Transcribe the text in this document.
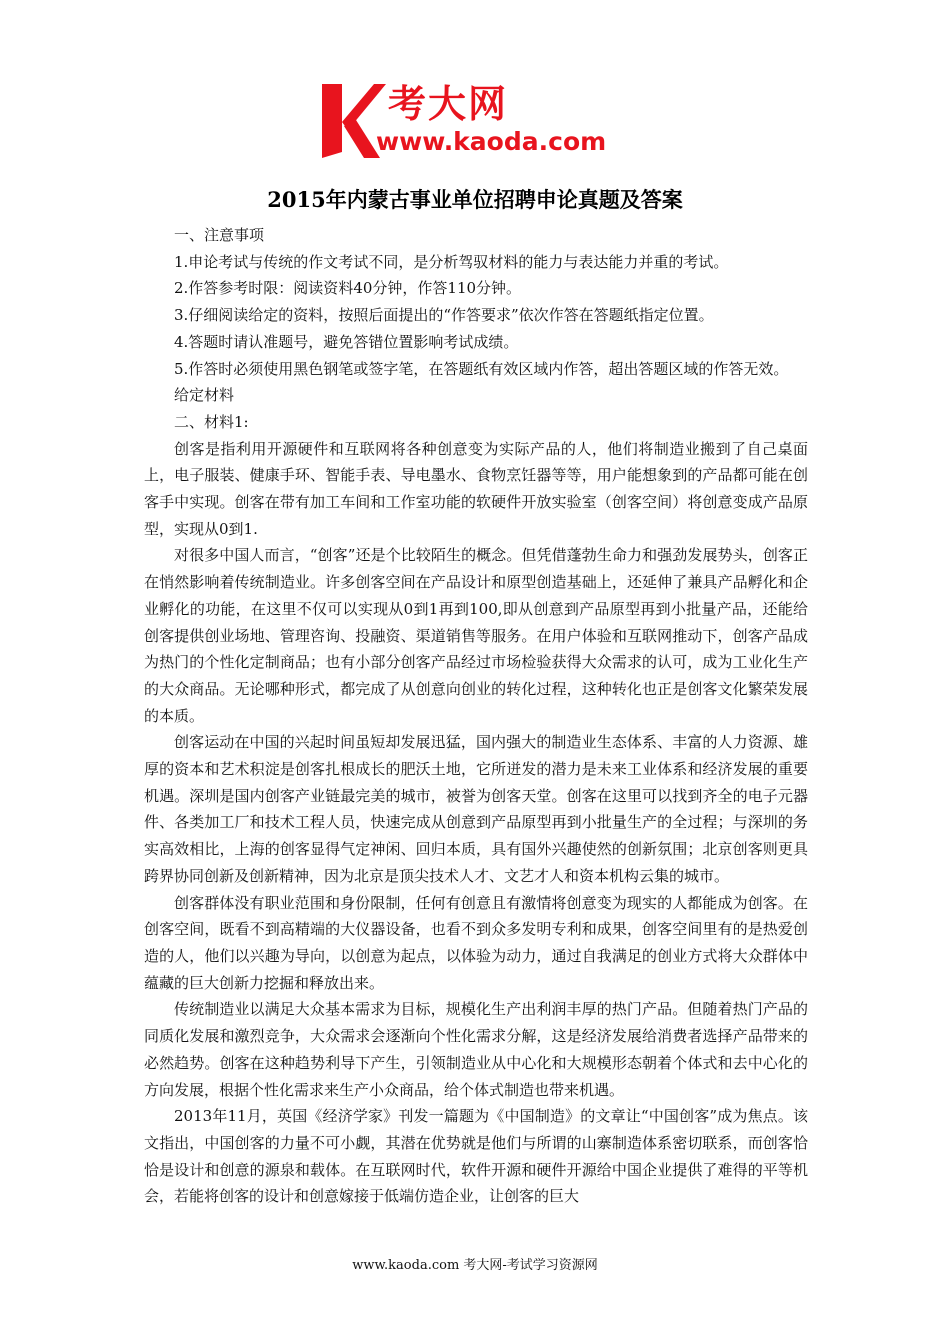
考大网
www.kaoda.com
2015年内蒙古事业单位招聘申论真题及答案

一、注意事项

1.申论考试与传统的作文考试不同，是分析驾驭材料的能力与表达能力并重的考试。

2.作答参考时限：阅读资料40分钟，作答110分钟。

3.仔细阅读给定的资料，按照后面提出的“作答要求”依次作答在答题纸指定位置。

4.答题时请认准题号，避免答错位置影响考试成绩。

5.作答时必须使用黑色钢笔或签字笔，在答题纸有效区域内作答，超出答题区域的作答无效。

给定材料

二、材料1:

创客是指利用开源硬件和互联网将各种创意变为实际产品的人，他们将制造业搬到了自己桌面上，电子服装、健康手环、智能手表、导电墨水、食物烹饪器等等，用户能想象到的产品都可能在创客手中实现。创客在带有加工车间和工作室功能的软硬件开放实验室（创客空间）将创意变成产品原型，实现从0到1.

对很多中国人而言，“创客”还是个比较陌生的概念。但凭借蓬勃生命力和强劲发展势头，创客正在悄然影响着传统制造业。许多创客空间在产品设计和原型创造基础上，还延伸了兼具产品孵化和企业孵化的功能，在这里不仅可以实现从0到1再到100,即从创意到产品原型再到小批量产品，还能给创客提供创业场地、管理咨询、投融资、渠道销售等服务。在用户体验和互联网推动下，创客产品成为热门的个性化定制商品；也有小部分创客产品经过市场检验获得大众需求的认可，成为工业化生产的大众商品。无论哪种形式，都完成了从创意向创业的转化过程，这种转化也正是创客文化繁荣发展的本质。

创客运动在中国的兴起时间虽短却发展迅猛，国内强大的制造业生态体系、丰富的人力资源、雄厚的资本和艺术积淀是创客扎根成长的肥沃土地，它所迸发的潜力是未来工业体系和经济发展的重要机遇。深圳是国内创客产业链最完美的城市，被誉为创客天堂。创客在这里可以找到齐全的电子元器件、各类加工厂和技术工程人员，快速完成从创意到产品原型再到小批量生产的全过程；与深圳的务实高效相比，上海的创客显得气定神闲、回归本质，具有国外兴趣使然的创新氛围；北京创客则更具跨界协同创新及创新精神，因为北京是顶尖技术人才、文艺才人和资本机构云集的城市。

创客群体没有职业范围和身份限制，任何有创意且有激情将创意变为现实的人都能成为创客。在创客空间，既看不到高精端的大仪器设备，也看不到众多发明专利和成果，创客空间里有的是热爱创造的人，他们以兴趣为导向，以创意为起点，以体验为动力，通过自我满足的创业方式将大众群体中蕴藏的巨大创新力挖掘和释放出来。

传统制造业以满足大众基本需求为目标，规模化生产出利润丰厚的热门产品。但随着热门产品的同质化发展和激烈竞争，大众需求会逐渐向个性化需求分解，这是经济发展给消费者选择产品带来的必然趋势。创客在这种趋势利导下产生，引领制造业从中心化和大规模形态朝着个体式和去中心化的方向发展，根据个性化需求来生产小众商品，给个体式制造也带来机遇。

2013年11月，英国《经济学家》刊发一篇题为《中国制造》的文章让“中国创客”成为焦点。该文指出，中国创客的力量不可小觑，其潜在优势就是他们与所谓的山寨制造体系密切联系，而创客恰恰是设计和创意的源泉和载体。在互联网时代，软件开源和硬件开源给中国企业提供了难得的平等机会，若能将创客的设计和创意嫁接于低端仿造企业，让创客的巨大

www.kaoda.com 考大网-考试学习资源网
